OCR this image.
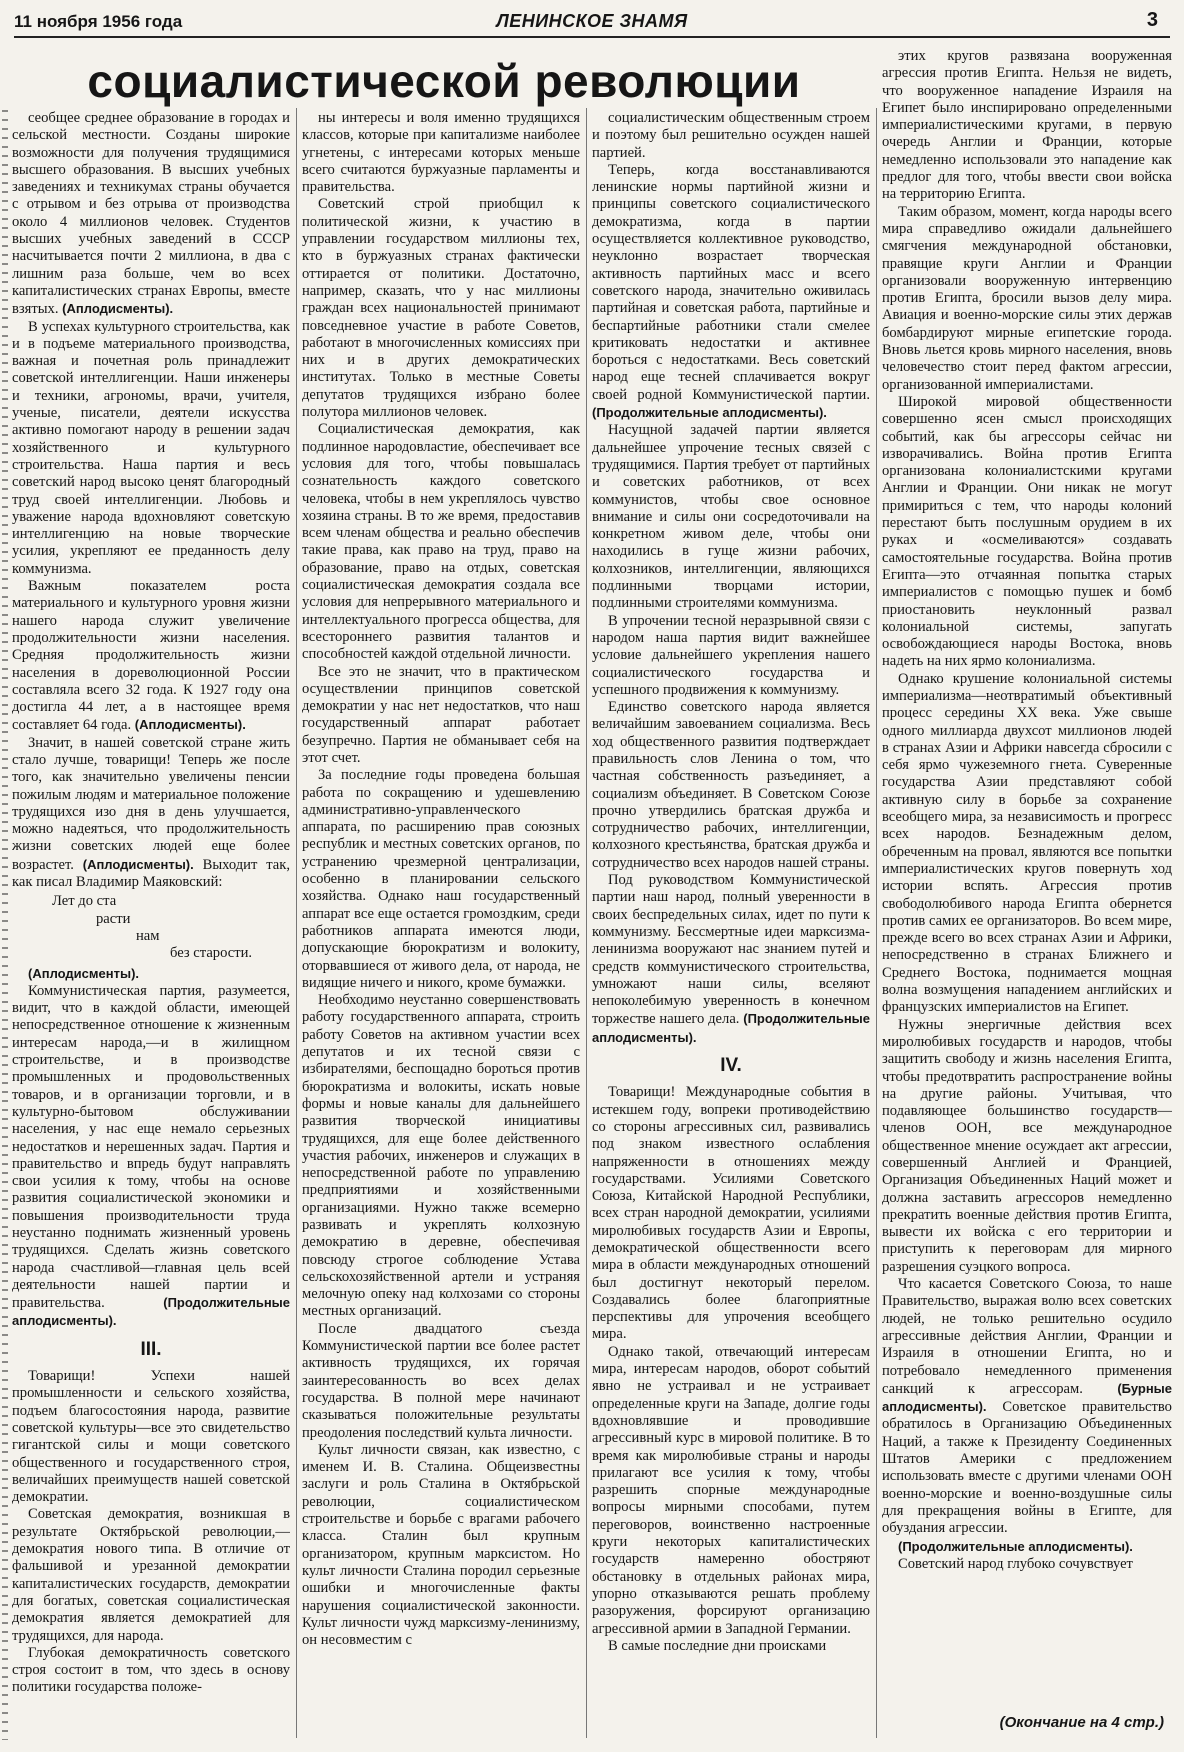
11 ноября 1956 года	ЛЕНИНСКОЕ ЗНАМЯ	3
социалистической революции

сеобщее среднее образование в городах и сельской местности. Созданы широкие возможности для получения трудящимися высшего образования. В высших учебных заведениях и техникумах страны обучается с отрывом и без отрыва от производства около 4 миллионов человек. Студентов высших учебных заведений в СССР насчитывается почти 2 миллиона, в два с лишним раза больше, чем во всех капиталистических странах Европы, вместе взятых. (Аплодисменты).

В успехах культурного строительства, как и в подъеме материального производства, важная и почетная роль принадлежит советской интеллигенции. Наши инженеры и техники, агрономы, врачи, учителя, ученые, писатели, деятели искусства активно помогают народу в решении задач хозяйственного и культурного строительства. Наша партия и весь советский народ высоко ценят благородный труд своей интеллигенции. Любовь и уважение народа вдохновляют советскую интеллигенцию на новые творческие усилия, укрепляют ее преданность делу коммунизма.

Важным показателем роста материального и культурного уровня жизни нашего народа служит увеличение продолжительности жизни населения. Средняя продолжительность жизни населения в дореволюционной России составляла всего 32 года. К 1927 году она достигла 44 лет, а в настоящее время составляет 64 года. (Аплодисменты).

Значит, в нашей советской стране жить стало лучше, товарищи! Теперь же после того, как значительно увеличены пенсии пожилым людям и материальное положение трудящихся изо дня в день улучшается, можно надеяться, что продолжительность жизни советских людей еще более возрастет. (Аплодисменты). Выходит так, как писал Владимир Маяковский:

Лет до ста
расти
нам
без старости.

(Аплодисменты).

Коммунистическая партия, разумеется, видит, что в каждой области, имеющей непосредственное отношение к жизненным интересам народа,—и в жилищном строительстве, и в производстве промышленных и продовольственных товаров, и в организации торговли, и в культурно-бытовом обслуживании населения, у нас еще немало серьезных недостатков и нерешенных задач. Партия и правительство и впредь будут направлять свои усилия к тому, чтобы на основе развития социалистической экономики и повышения производительности труда неустанно поднимать жизненный уровень трудящихся. Сделать жизнь советского народа счастливой—главная цель всей деятельности нашей партии и правительства.	(Продолжительные аплодисменты).

III.

Товарищи! Успехи нашей промышленности и сельского хозяйства, подъем благосостояния народа, развитие советской культуры—все это свидетельство гигантской силы и мощи советского общественного и государственного строя, величайших преимуществ нашей советской демократии.

Советская демократия, возникшая в результате Октябрьской революции,—демократия нового типа. В отличие от фальшивой и урезанной демократии капиталистических государств, демократии для богатых, советская социалистическая демократия является демократией для трудящихся, для народа.

Глубокая демократичность советского строя состоит в том, что здесь в основу политики государства положе-

ны интересы и воля именно трудящихся классов, которые при капитализме наиболее угнетены, с интересами которых меньше всего считаются буржуазные парламенты и правительства.

Советский строй приобщил к политической жизни, к участию в управлении государством миллионы тех, кто в буржуазных странах фактически оттирается от политики. Достаточно, например, сказать, что у нас миллионы граждан всех национальностей принимают повседневное участие в работе Советов, работают в многочисленных комиссиях при них и в других демократических институтах. Только в местные Советы депутатов трудящихся избрано более полутора миллионов человек.

Социалистическая демократия, как подлинное народовластие, обеспечивает все условия для того, чтобы повышалась сознательность каждого советского человека, чтобы в нем укреплялось чувство хозяина страны. В то же время, предоставив всем членам общества и реально обеспечив такие права, как право на труд, право на образование, право на отдых, советская социалистическая демократия создала все условия для непрерывного материального и интеллектуального прогресса общества, для всестороннего развития талантов и способностей каждой отдельной личности.

Все это не значит, что в практическом осуществлении принципов советской демократии у нас нет недостатков, что наш государственный аппарат работает безупречно. Партия не обманывает себя на этот счет.

За последние годы проведена большая работа по сокращению и удешевлению административно-управленческого аппарата, по расширению прав союзных республик и местных советских органов, по устранению чрезмерной централизации, особенно в планировании сельского хозяйства. Однако наш государственный аппарат все еще остается громоздким, среди работников аппарата имеются люди, допускающие бюрократизм и волокиту, оторвавшиеся от живого дела, от народа, не видящие ничего и никого, кроме бумажки.

Необходимо неустанно совершенствовать работу государственного аппарата, строить работу Советов на активном участии всех депутатов и их тесной связи с избирателями, беспощадно бороться против бюрократизма и волокиты, искать новые формы и новые каналы для дальнейшего развития творческой инициативы трудящихся, для еще более действенного участия рабочих, инженеров и служащих в непосредственной работе по управлению предприятиями и хозяйственными организациями. Нужно также всемерно развивать и укреплять колхозную демократию в деревне, обеспечивая повсюду строгое соблюдение Устава сельскохозяйственной артели и устраняя мелочную опеку над колхозами со стороны местных организаций.

После двадцатого съезда Коммунистической партии все более растет активность трудящихся, их горячая заинтересованность во всех делах государства. В полной мере начинают сказываться положительные результаты преодоления последствий культа личности.

Культ личности связан, как известно, с именем И. В. Сталина. Общеизвестны заслуги и роль Сталина в Октябрьской революции, социалистическом строительстве и борьбе с врагами рабочего класса. Сталин был крупным организатором, крупным марксистом. Но культ личности Сталина породил серьезные ошибки и многочисленные факты нарушения социалистической законности. Культ личности чужд марксизму-ленинизму, он несовместим с

социалистическим общественным строем и поэтому был решительно осужден нашей партией.

Теперь, когда восстанавливаются ленинские нормы партийной жизни и принципы советского социалистического демократизма, когда в партии осуществляется коллективное руководство, неуклонно возрастает творческая активность партийных масс и всего советского народа, значительно оживилась партийная и советская работа, партийные и беспартийные работники стали смелее критиковать недостатки и активнее бороться с недостатками. Весь советский народ еще тесней сплачивается вокруг своей родной Коммунистической партии. (Продолжительные аплодисменты).

Насущной задачей партии является дальнейшее упрочение тесных связей с трудящимися. Партия требует от партийных и советских работников, от всех коммунистов, чтобы свое основное внимание и силы они сосредоточивали на конкретном живом деле, чтобы они находились в гуще жизни рабочих, колхозников, интеллигенции, являющихся подлинными творцами истории, подлинными строителями коммунизма.

В упрочении тесной неразрывной связи с народом наша партия видит важнейшее условие дальнейшего укрепления нашего социалистического государства и успешного продвижения к коммунизму.

Единство советского народа является величайшим завоеванием социализма. Весь ход общественного развития подтверждает правильность слов Ленина о том, что частная собственность разъединяет, а социализм объединяет. В Советском Союзе прочно утвердились братская дружба и сотрудничество рабочих, интеллигенции, колхозного крестьянства, братская дружба и сотрудничество всех народов нашей страны.

Под руководством Коммунистической партии наш народ, полный уверенности в своих беспредельных силах, идет по пути к коммунизму. Бессмертные идеи марксизма-ленинизма вооружают нас знанием путей и средств коммунистического строительства, умножают наши силы, вселяют непоколебимую уверенность в конечном торжестве нашего дела. (Продолжительные аплодисменты).

IV.

Товарищи! Международные события в истекшем году, вопреки противодействию со стороны агрессивных сил, развивались под знаком известного ослабления напряженности в отношениях между государствами. Усилиями Советского Союза, Китайской Народной Республики, всех стран народной демократии, усилиями миролюбивых государств Азии и Европы, демократической общественности всего мира в области международных отношений был достигнут некоторый перелом. Создавались более благоприятные перспективы для упрочения всеобщего мира.

Однако такой, отвечающий интересам мира, интересам народов, оборот событий явно не устраивал и не устраивает определенные круги на Западе, долгие годы вдохновлявшие и проводившие агрессивный курс в мировой политике. В то время как миролюбивые страны и народы прилагают все усилия к тому, чтобы разрешить спорные международные вопросы мирными способами, путем переговоров, воинственно настроенные круги некоторых капиталистических государств намеренно обостряют обстановку в отдельных районах мира, упорно отказываются решать проблему разоружения, форсируют организацию агрессивной армии в Западной Германии.

В самые последние дни происками

этих кругов развязана вооруженная агрессия против Египта. Нельзя не видеть, что вооруженное нападение Израиля на Египет было инспирировано определенными империалистическими кругами, в первую очередь Англии и Франции, которые немедленно использовали это нападение как предлог для того, чтобы ввести свои войска на территорию Египта.

Таким образом, момент, когда народы всего мира справедливо ожидали дальнейшего смягчения международной обстановки, правящие круги Англии и Франции организовали вооруженную интервенцию против Египта, бросили вызов делу мира. Авиация и военно-морские силы этих держав бомбардируют мирные египетские города. Вновь льется кровь мирного населения, вновь человечество стоит перед фактом агрессии, организованной империалистами.

Широкой мировой общественности совершенно ясен смысл происходящих событий, как бы агрессоры сейчас ни изворачивались. Война против Египта организована колониалистскими кругами Англии и Франции. Они никак не могут примириться с тем, что народы колоний перестают быть послушным орудием в их руках и «осмеливаются» создавать самостоятельные государства. Война против Египта—это отчаянная попытка старых империалистов с помощью пушек и бомб приостановить неуклонный развал колониальной системы, запугать освобождающиеся народы Востока, вновь надеть на них ярмо колониализма.

Однако крушение колониальной системы империализма—неотвратимый объективный процесс середины XX века. Уже свыше одного миллиарда двухсот миллионов людей в странах Азии и Африки навсегда сбросили с себя ярмо чужеземного гнета. Суверенные государства Азии представляют собой активную силу в борьбе за сохранение всеобщего мира, за независимость и прогресс всех народов. Безнадежным делом, обреченным на провал, являются все попытки империалистических кругов повернуть ход истории вспять. Агрессия против свободолюбивого народа Египта обернется против самих ее организаторов. Во всем мире, прежде всего во всех странах Азии и Африки, непосредственно в странах Ближнего и Среднего Востока, поднимается мощная волна возмущения нападением английских и французских империалистов на Египет.

Нужны энергичные действия всех миролюбивых государств и народов, чтобы защитить свободу и жизнь населения Египта, чтобы предотвратить распространение войны на другие районы. Учитывая, что подавляющее большинство государств—членов ООН, все международное общественное мнение осуждает акт агрессии, совершенный Англией и Францией, Организация Объединенных Наций может и должна заставить агрессоров немедленно прекратить военные действия против Египта, вывести их войска с его территории и приступить к переговорам для мирного разрешения суэцкого вопроса.

Что касается Советского Союза, то наше Правительство, выражая волю всех советских людей, не только решительно осудило агрессивные действия Англии, Франции и Израиля в отношении Египта, но и потребовало немедленного применения санкций к агрессорам.	(Бурные аплодисменты). Советское правительство обратилось в Организацию Объединенных Наций, а также к Президенту Соединенных Штатов Америки с предложением использовать вместе с другими членами ООН военно-морские и военно-воздушные силы для прекращения войны в Египте, для обуздания агрессии.

(Продолжительные аплодисменты).

Советский народ глубоко сочувствует

(Окончание на 4 стр.)
